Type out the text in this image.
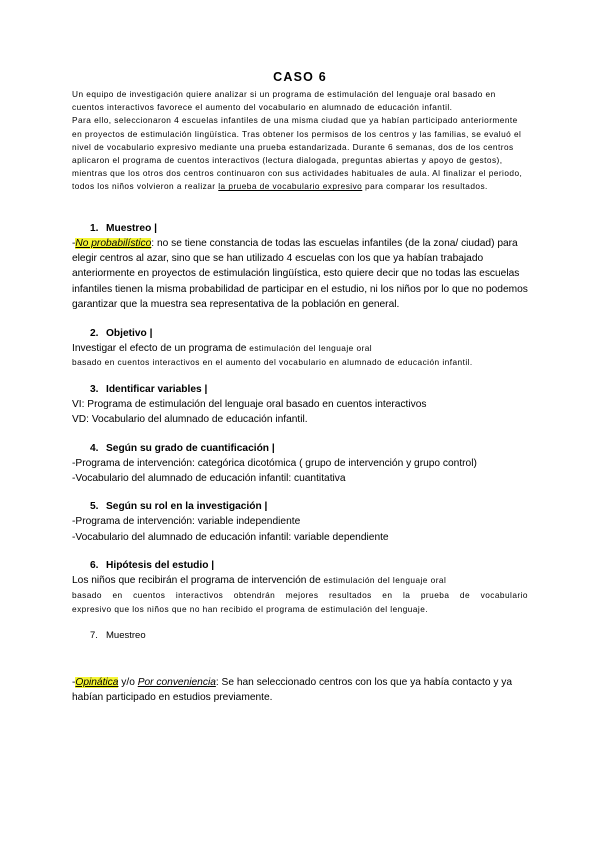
CASO 6

Un equipo de investigación quiere analizar si un programa de estimulación del lenguaje oral basado en cuentos interactivos favorece el aumento del vocabulario en alumnado de educación infantil.

Para ello, seleccionaron 4 escuelas infantiles de una misma ciudad que ya habían participado anteriormente en proyectos de estimulación lingüística. Tras obtener los permisos de los centros y las familias, se evaluó el nivel de vocabulario expresivo mediante una prueba estandarizada. Durante 6 semanas, dos de los centros aplicaron el programa de cuentos interactivos (lectura dialogada, preguntas abiertas y apoyo de gestos), mientras que los otros dos centros continuaron con sus actividades habituales de aula. Al finalizar el periodo, todos los niños volvieron a realizar la prueba de vocabulario expresivo para comparar los resultados.

1. Muestreo |

-No probabilístico: no se tiene constancia de todas las escuelas infantiles (de la zona/ ciudad) para elegir centros al azar, sino que se han utilizado 4 escuelas con los que ya habían trabajado anteriormente en proyectos de estimulación lingüística, esto quiere decir que no todas las escuelas infantiles tienen la misma probabilidad de participar en el estudio, ni los niños por lo que no podemos garantizar que la muestra sea representativa de la población en general.

2. Objetivo |

Investigar el efecto de un programa de estimulación del lenguaje oral

basado en cuentos interactivos en el aumento del vocabulario en alumnado de educación infantil.

3. Identificar variables |

VI: Programa de estimulación del lenguaje oral basado en cuentos interactivos

VD: Vocabulario del alumnado de educación infantil.

4. Según su grado de cuantificación |

-Programa de intervención: categórica dicotómica ( grupo de intervención y grupo control)

-Vocabulario del alumnado de educación infantil: cuantitativa

5. Según su rol en la investigación |

-Programa de intervención: variable independiente

-Vocabulario del alumnado de educación infantil: variable dependiente

6. Hipótesis del estudio |

Los niños que recibirán el programa de intervención de estimulación del lenguaje oral

basado en cuentos interactivos obtendrán mejores resultados en la prueba de vocabulario

expresivo que los niños que no han recibido el programa de estimulación del lenguaje.

7. Muestreo

-Opinática y/o Por conveniencia: Se han seleccionado centros con los que ya había contacto y ya habían participado en estudios previamente.
